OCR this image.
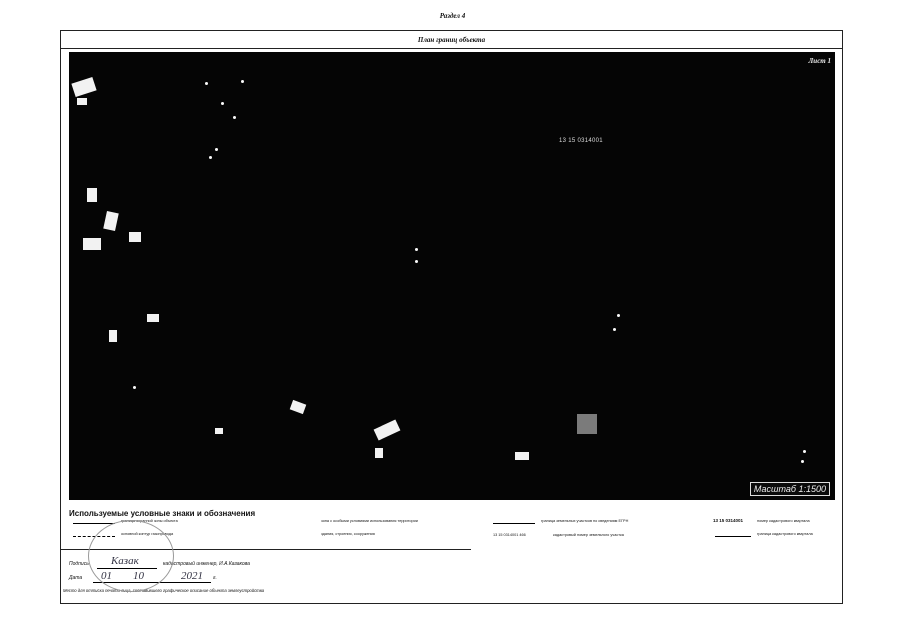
Раздел 4
План границ объекта
Лист 1
13 15 0314001
Масштаб 1:1500
Используемые условные знаки и обозначения
граница охранной зоны объекта
основной контур газопровода
зона с особыми условиями использования территории
здания, строения, сооружения
граница земельных участков по сведениям ЕГРН
13 15 0314001 466	кадастровый номер земельного участка
13 15 0314001	номер кадастрового квартала
граница кадастрового квартала
Подпись Казак	кадастровый инженер, И.А.Казакова
Дата 01 10	2021 г.
Место для оттиска печати лица, составившего графическое описание объекта землеустройства
